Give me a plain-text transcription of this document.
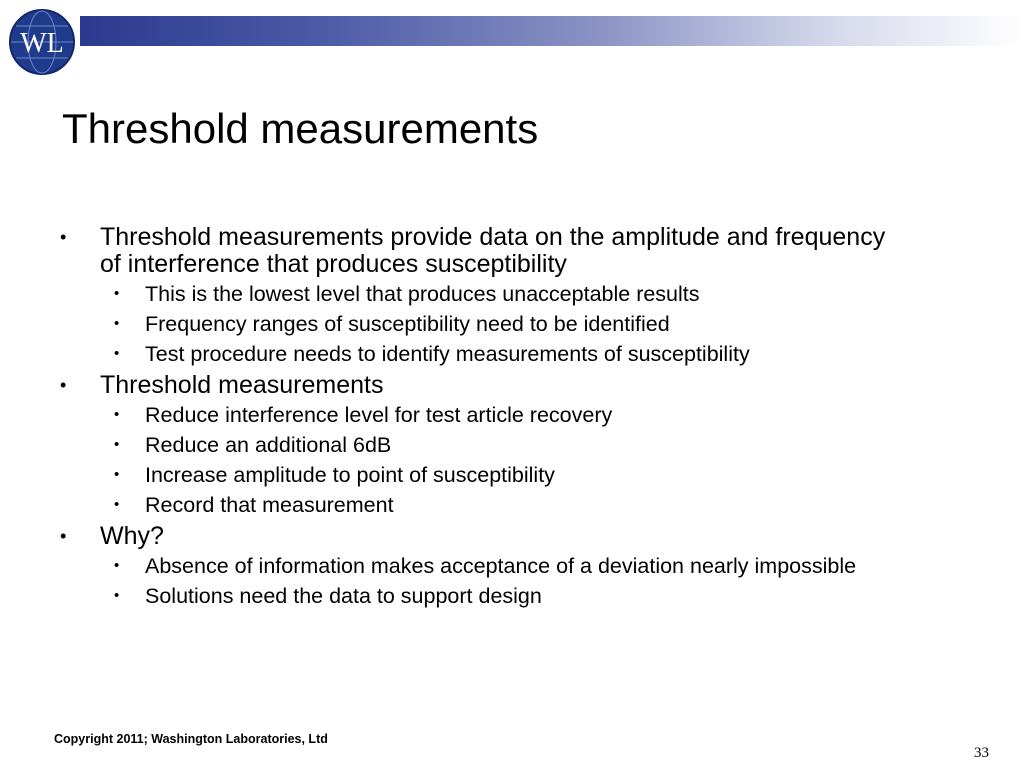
WL
Threshold measurements
• Threshold measurements provide data on the amplitude and frequency of interference that produces susceptibility
• This is the lowest level that produces unacceptable results
• Frequency ranges of susceptibility need to be identified
• Test procedure needs to identify measurements of susceptibility
• Threshold measurements
• Reduce interference level for test article recovery
• Reduce an additional 6dB
• Increase amplitude to point of susceptibility
• Record that measurement
• Why?
• Absence of information makes acceptance of a deviation nearly impossible
• Solutions need the data to support design
Copyright 2011; Washington Laboratories, Ltd
33
